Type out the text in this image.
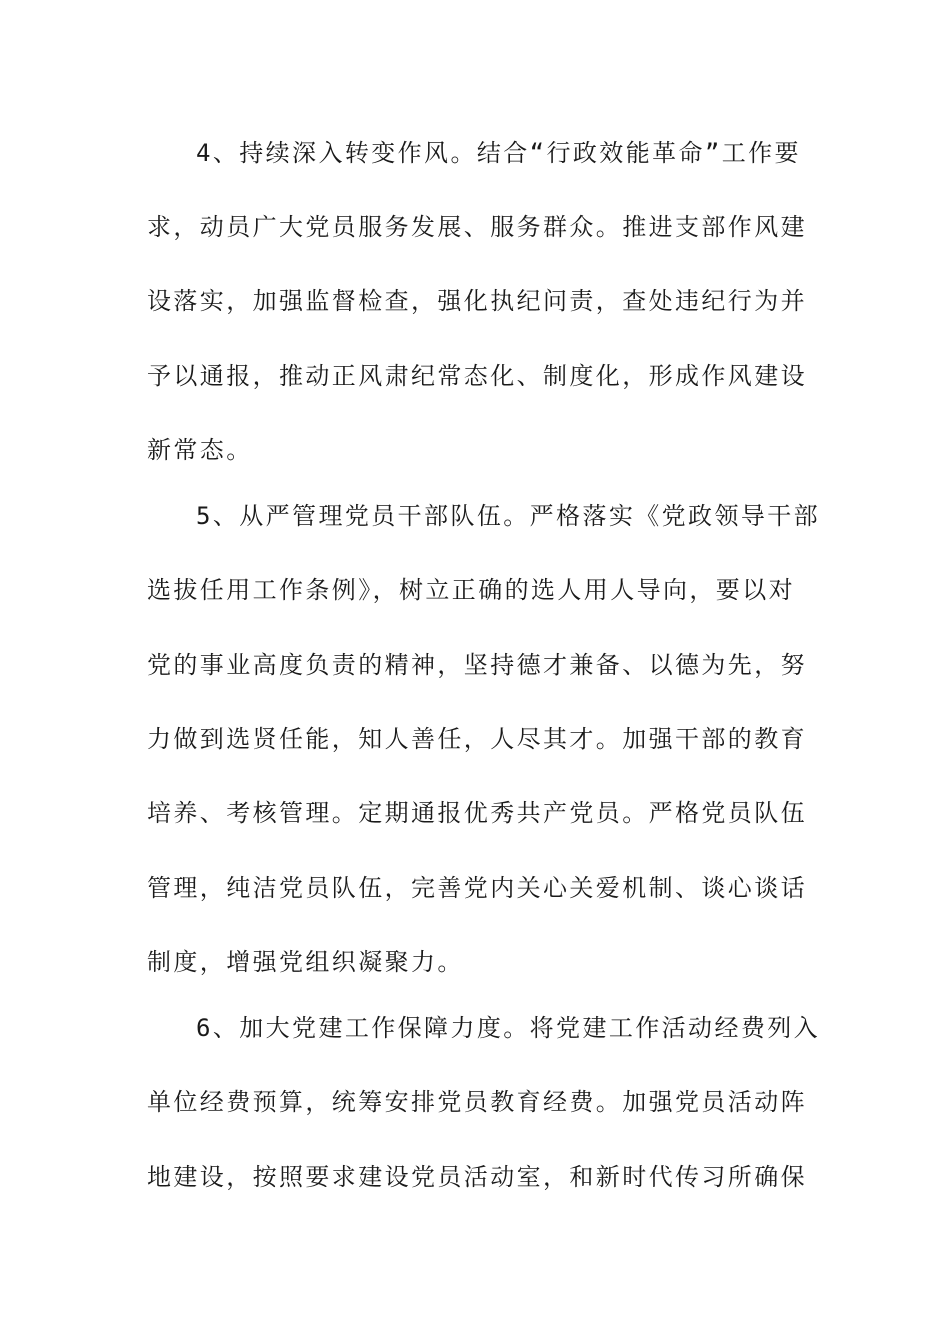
4、持续深入转变作风。结合“行政效能革命”工作要
求，动员广大党员服务发展、服务群众。推进支部作风建
设落实，加强监督检查，强化执纪问责，查处违纪行为并
予以通报，推动正风肃纪常态化、制度化，形成作风建设
新常态。
5、从严管理党员干部队伍。严格落实《党政领导干部
选拔任用工作条例》，树立正确的选人用人导向，要以对
党的事业高度负责的精神，坚持德才兼备、以德为先，努
力做到选贤任能，知人善任，人尽其才。加强干部的教育
培养、考核管理。定期通报优秀共产党员。严格党员队伍
管理，纯洁党员队伍，完善党内关心关爱机制、谈心谈话
制度，增强党组织凝聚力。
6、加大党建工作保障力度。将党建工作活动经费列入
单位经费预算，统筹安排党员教育经费。加强党员活动阵
地建设，按照要求建设党员活动室，和新时代传习所确保
